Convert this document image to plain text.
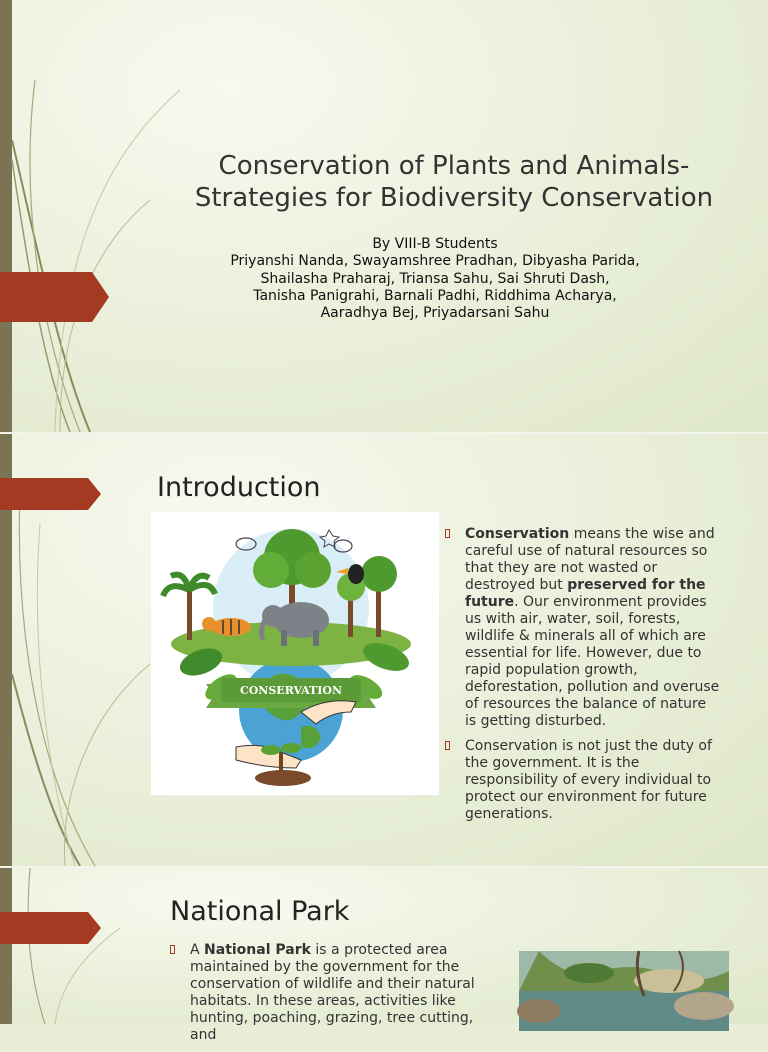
Conservation of Plants and Animals-
Strategies for Biodiversity Conservation
By VIII-B Students
Priyanshi Nanda, Swayamshree Pradhan, Dibyasha Parida,
Shailasha Praharaj, Triansa Sahu, Sai Shruti Dash,
Tanisha Panigrahi, Barnali Padhi, Riddhima Acharya,
Aaradhya Bej, Priyadarsani Sahu
Introduction
CONSERVATION
Conservation means the wise and careful use of natural resources so that they are not wasted or destroyed but preserved for the future. Our environment provides us with air, water, soil, forests, wildlife & minerals all of which are essential for life. However, due to rapid population growth, deforestation, pollution and overuse of resources the balance of nature is getting disturbed.
Conservation is not just the duty of the government. It is the responsibility of every individual to protect our environment for future generations.
National Park
A National Park is a protected area maintained by the government for the conservation of wildlife and their natural habitats. In these areas, activities like hunting, poaching, grazing, tree cutting, and
